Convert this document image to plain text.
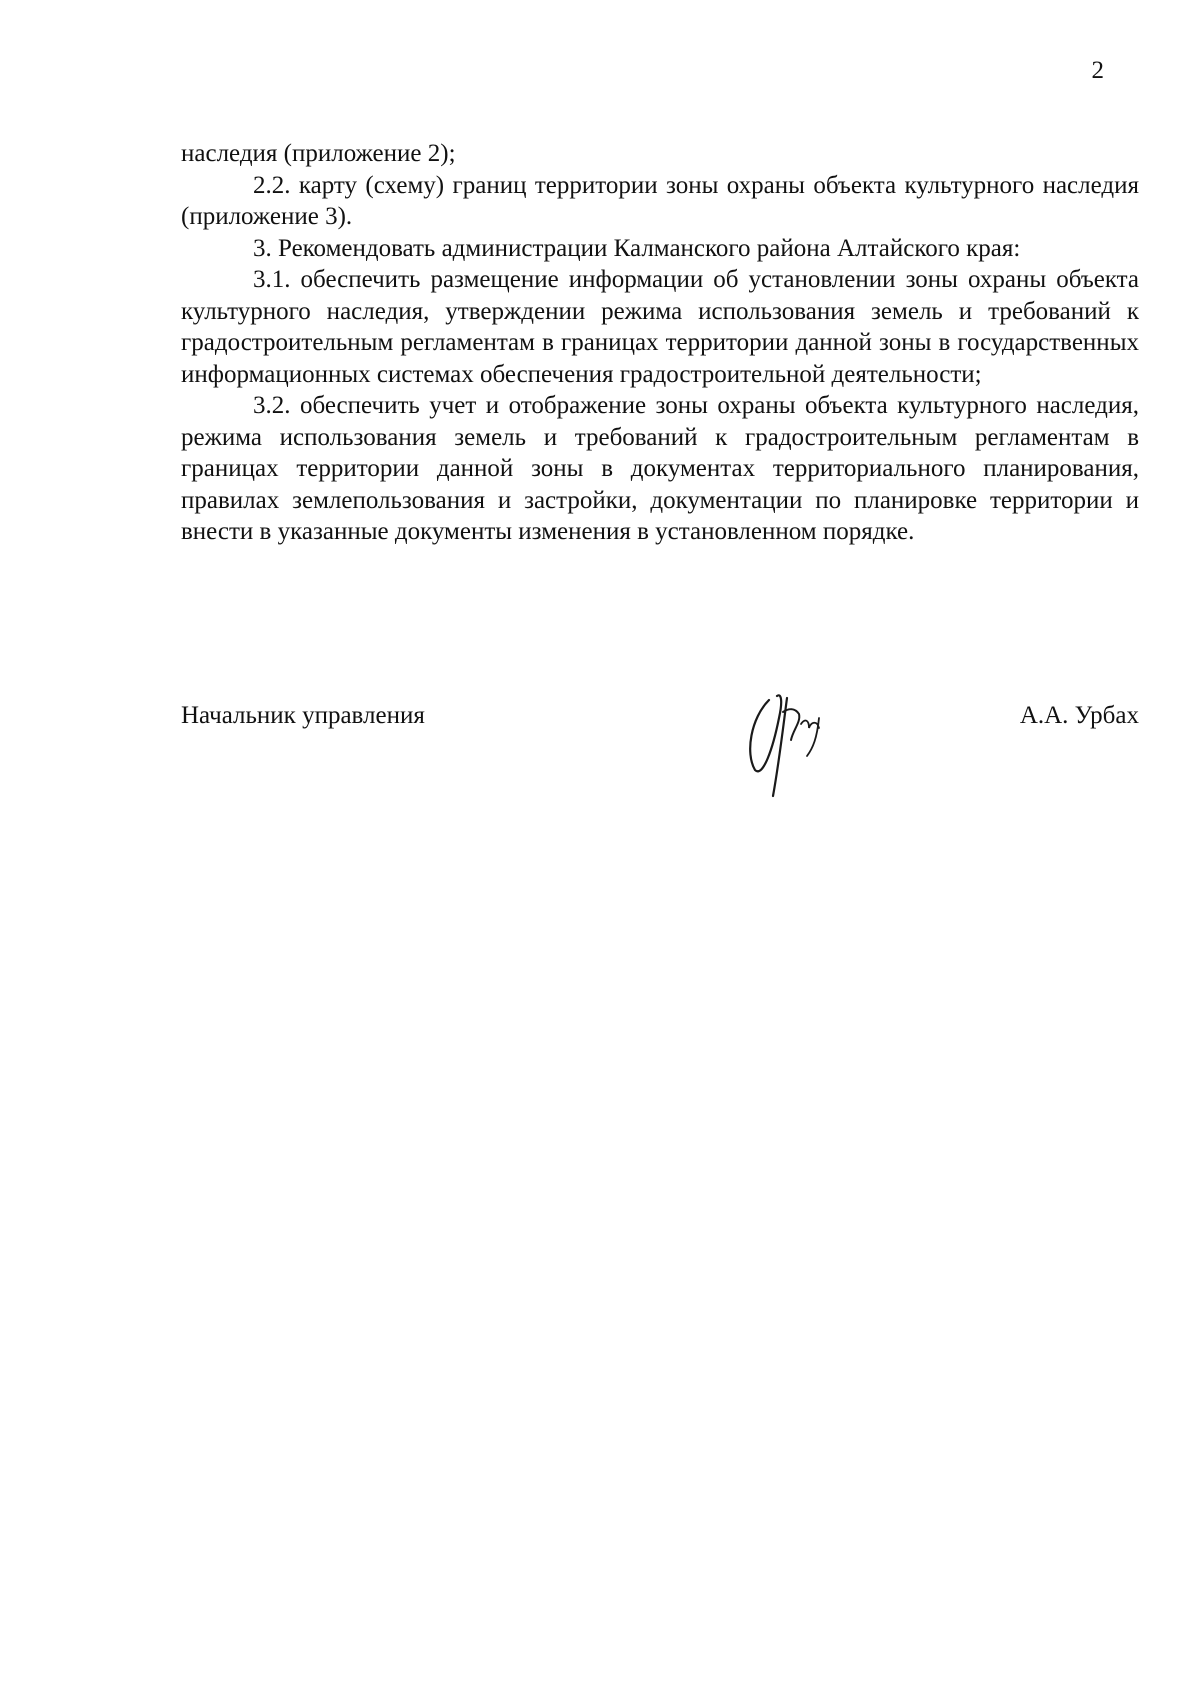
2

наследия (приложение 2);

2.2. карту (схему) границ территории зоны охраны объекта культурного наследия (приложение 3).

3. Рекомендовать администрации Калманского района Алтайского края:

3.1. обеспечить размещение информации об установлении зоны охраны объекта культурного наследия, утверждении режима использования земель и требований к градостроительным регламентам в границах территории данной зоны в государственных информационных системах обеспечения градостроительной деятельности;

3.2. обеспечить учет и отображение зоны охраны объекта культурного наследия, режима использования земель и требований к градостроительным регламентам в границах территории данной зоны в документах территориального планирования, правилах землепользования и застройки, документации по планировке территории и внести в указанные документы изменения в установленном порядке.

Начальник управления	А.А. Урбах
